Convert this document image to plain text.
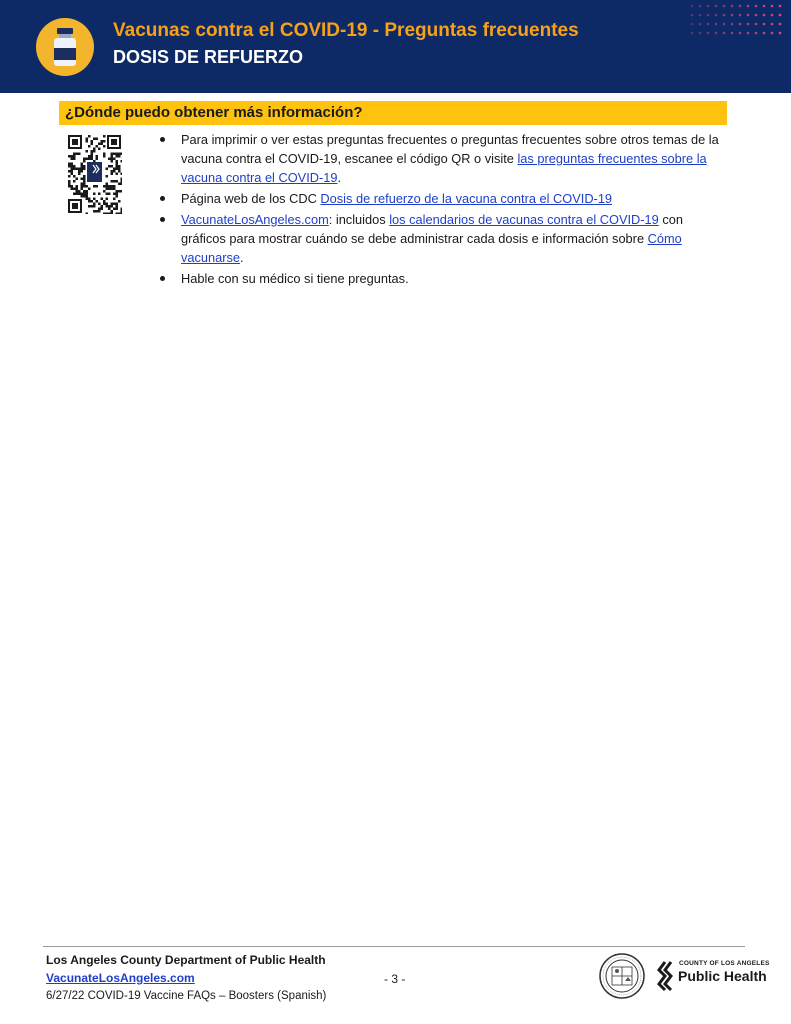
Vacunas contra el COVID-19 - Preguntas frecuentes
DOSIS DE REFUERZO
¿Dónde puedo obtener más información?
Para imprimir o ver estas preguntas frecuentes o preguntas frecuentes sobre otros temas de la vacuna contra el COVID-19, escanee el código QR o visite las preguntas frecuentes sobre la vacuna contra el COVID-19.
Página web de los CDC Dosis de refuerzo de la vacuna contra el COVID-19
VacunateLosAngeles.com: incluidos los calendarios de vacunas contra el COVID-19 con gráficos para mostrar cuándo se debe administrar cada dosis e información sobre Cómo vacunarse.
Hable con su médico si tiene preguntas.
Los Angeles County Department of Public Health
VacunateLosAngeles.com
6/27/22 COVID-19 Vaccine FAQs – Boosters (Spanish)
- 3 -
COUNTY OF LOS ANGELES
Public Health
